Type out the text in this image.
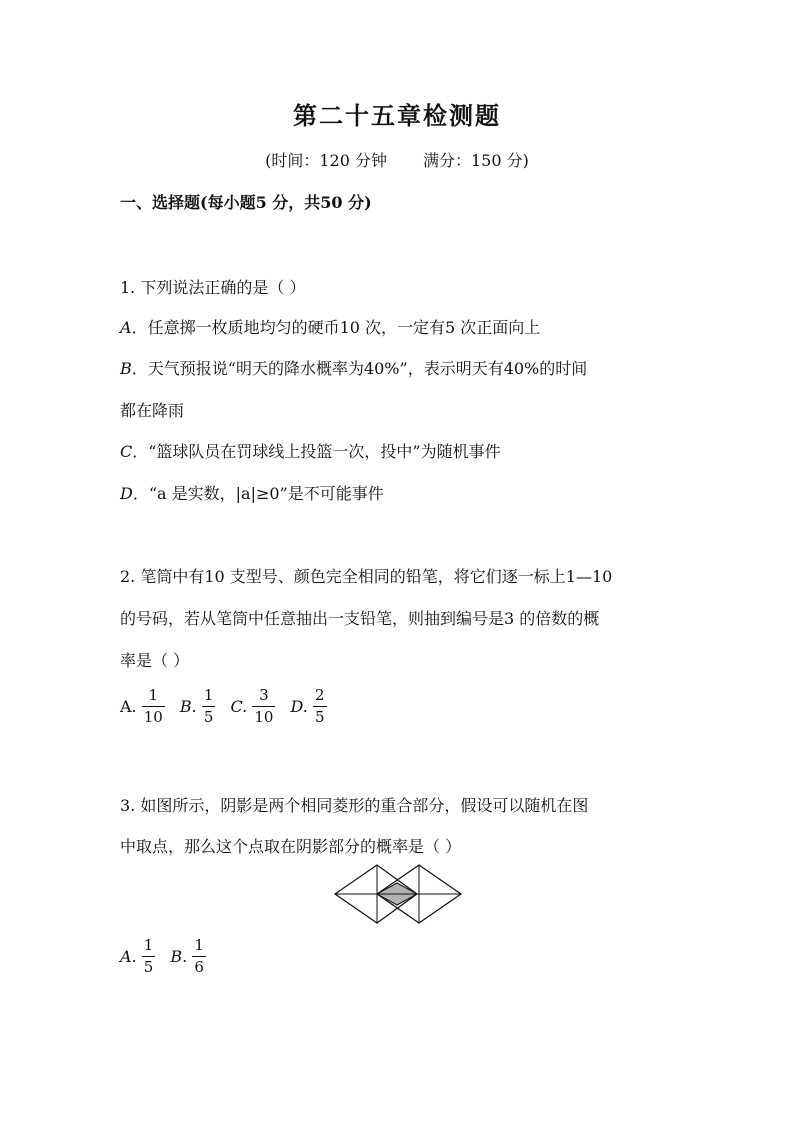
第二十五章检测题
(时间：120 分钟 满分：150 分)
一、选择题(每小题5 分，共50 分)
1. 下列说法正确的是（ ）
A．任意掷一枚质地均匀的硬币10 次，一定有5 次正面向上
B．天气预报说“明天的降水概率为40%”，表示明天有40%的时间
都在降雨
C．“篮球队员在罚球线上投篮一次，投中”为随机事件
D．“a 是实数，|a|≥0”是不可能事件
2. 笔筒中有10 支型号、颜色完全相同的铅笔，将它们逐一标上1—10
的号码，若从笔筒中任意抽出一支铅笔，则抽到编号是3 的倍数的概
率是（ ）
A. $\frac{1}{10} B$. $\frac{1}{5} C$. $\frac{3}{10} D$. $\frac{2}{5}$
3. 如图所示，阴影是两个相同菱形的重合部分，假设可以随机在图
中取点，那么这个点取在阴影部分的概率是（ ）
A. $\frac{1}{5} B$. $\frac{1}{6}$
